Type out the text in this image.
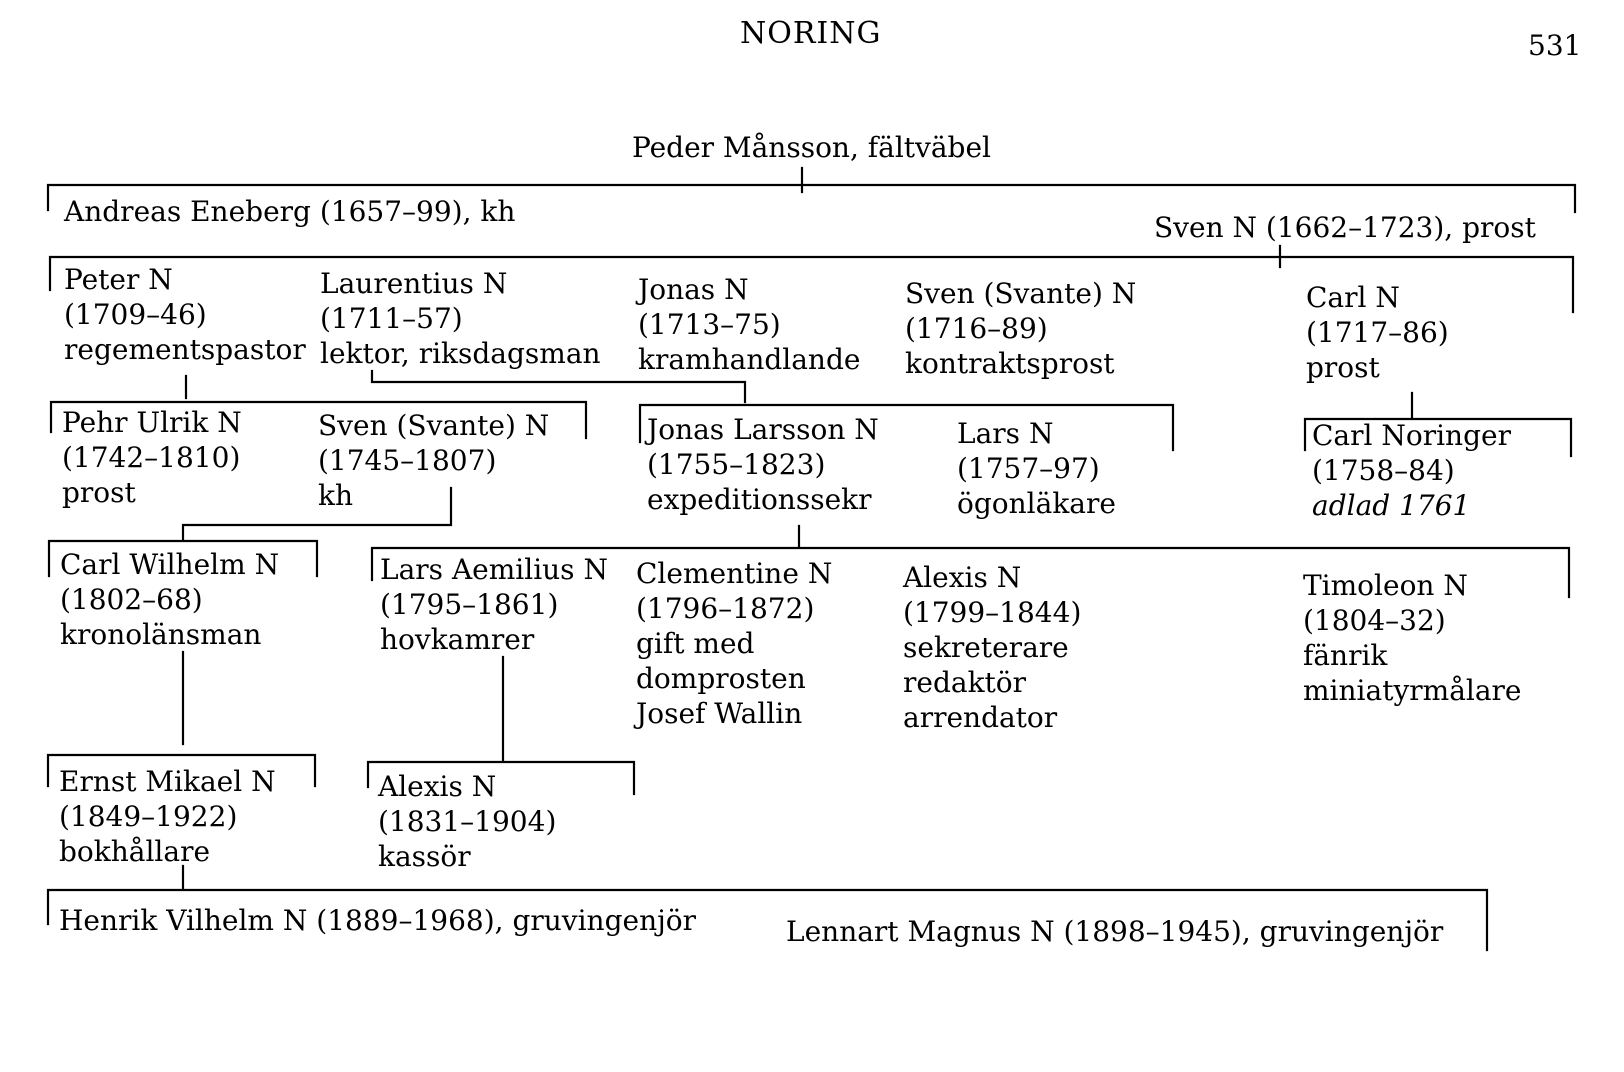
NORING	531
Peder Månsson, fältväbel
Andreas Eneberg (1657–99), kh	Sven N (1662–1723), prost
Peter N
(1709–46)
regementspastor
Laurentius N
(1711–57)
lektor, riksdagsman
Jonas N
(1713–75)
kramhandlande
Sven (Svante) N
(1716–89)
kontraktsprost
Carl N
(1717–86)
prost
Pehr Ulrik N
(1742–1810)
prost
Sven (Svante) N
(1745–1807)
kh
Jonas Larsson N
(1755–1823)
expeditionssekr
Lars N
(1757–97)
ögonläkare
Carl Noringer
(1758–84)
adlad 1761
Carl Wilhelm N
(1802–68)
kronolänsman
Lars Aemilius N
(1795–1861)
hovkamrer
Clementine N
(1796–1872)
gift med
domprosten
Josef Wallin
Alexis N
(1799–1844)
sekreterare
redaktör
arrendator
Timoleon N
(1804–32)
fänrik
miniatyrmålare
Ernst Mikael N
(1849–1922)
bokhållare
Alexis N
(1831–1904)
kassör
Henrik Vilhelm N (1889–1968), gruvingenjör	Lennart Magnus N (1898–1945), gruvingenjör
